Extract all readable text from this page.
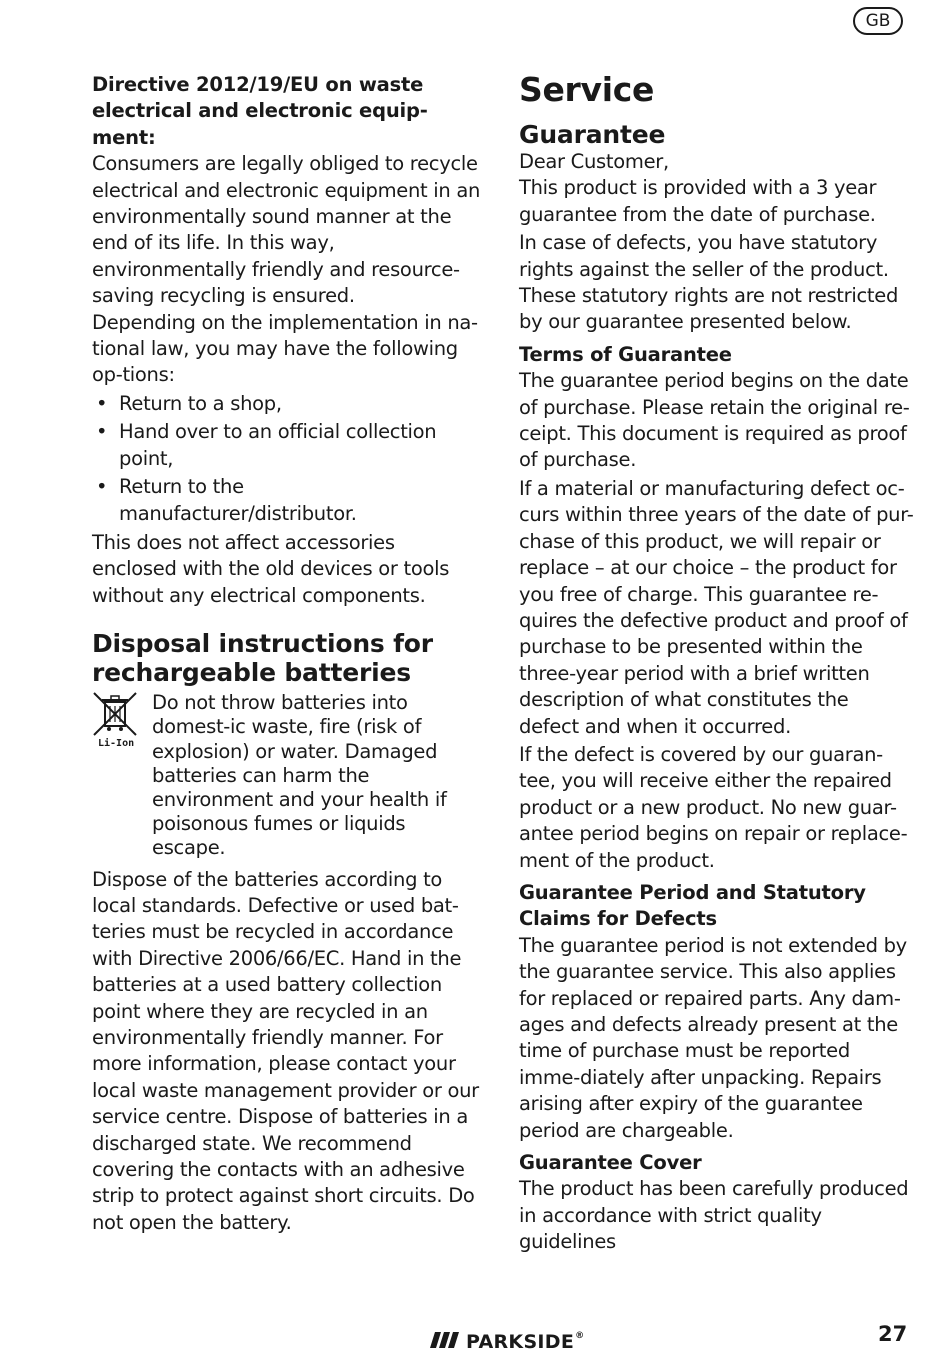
GB

Directive 2012/19/EU on waste electrical and electronic equip-ment:

Consumers are legally obliged to recycle electrical and electronic equipment in an environmentally sound manner at the end of its life. In this way, environmentally friendly and resource-saving recycling is ensured.

Depending on the implementation in na-tional law, you may have the following op-tions:

• Return to a shop,
• Hand over to an official collection point,
• Return to the manufacturer/distributor.

This does not affect accessories enclosed with the old devices or tools without any electrical components.

Disposal instructions for rechargeable batteries

Li-Ion

Do not throw batteries into domest-ic waste, fire (risk of explosion) or water. Damaged batteries can harm the environment and your health if poisonous fumes or liquids escape.

Dispose of the batteries according to local standards. Defective or used bat-teries must be recycled in accordance with Directive 2006/66/EC. Hand in the batteries at a used battery collection point where they are recycled in an environmentally friendly manner. For more information, please contact your local waste management provider or our service centre. Dispose of batteries in a discharged state. We recommend covering the contacts with an adhesive strip to protect against short circuits. Do not open the battery.

Service

Guarantee

Dear Customer,

This product is provided with a 3 year guarantee from the date of purchase.

In case of defects, you have statutory rights against the seller of the product. These statutory rights are not restricted by our guarantee presented below.

Terms of Guarantee

The guarantee period begins on the date of purchase. Please retain the original re-ceipt. This document is required as proof of purchase.

If a material or manufacturing defect oc-curs within three years of the date of pur-chase of this product, we will repair or replace – at our choice – the product for you free of charge. This guarantee re-quires the defective product and proof of purchase to be presented within the three-year period with a brief written description of what constitutes the defect and when it occurred.

If the defect is covered by our guaran-tee, you will receive either the repaired product or a new product. No new guar-antee period begins on repair or replace-ment of the product.

Guarantee Period and Statutory Claims for Defects

The guarantee period is not extended by the guarantee service. This also applies for replaced or repaired parts. Any dam-ages and defects already present at the time of purchase must be reported imme-diately after unpacking. Repairs arising after expiry of the guarantee period are chargeable.

Guarantee Cover

The product has been carefully produced in accordance with strict quality guidelines

PARKSIDE ®	27
